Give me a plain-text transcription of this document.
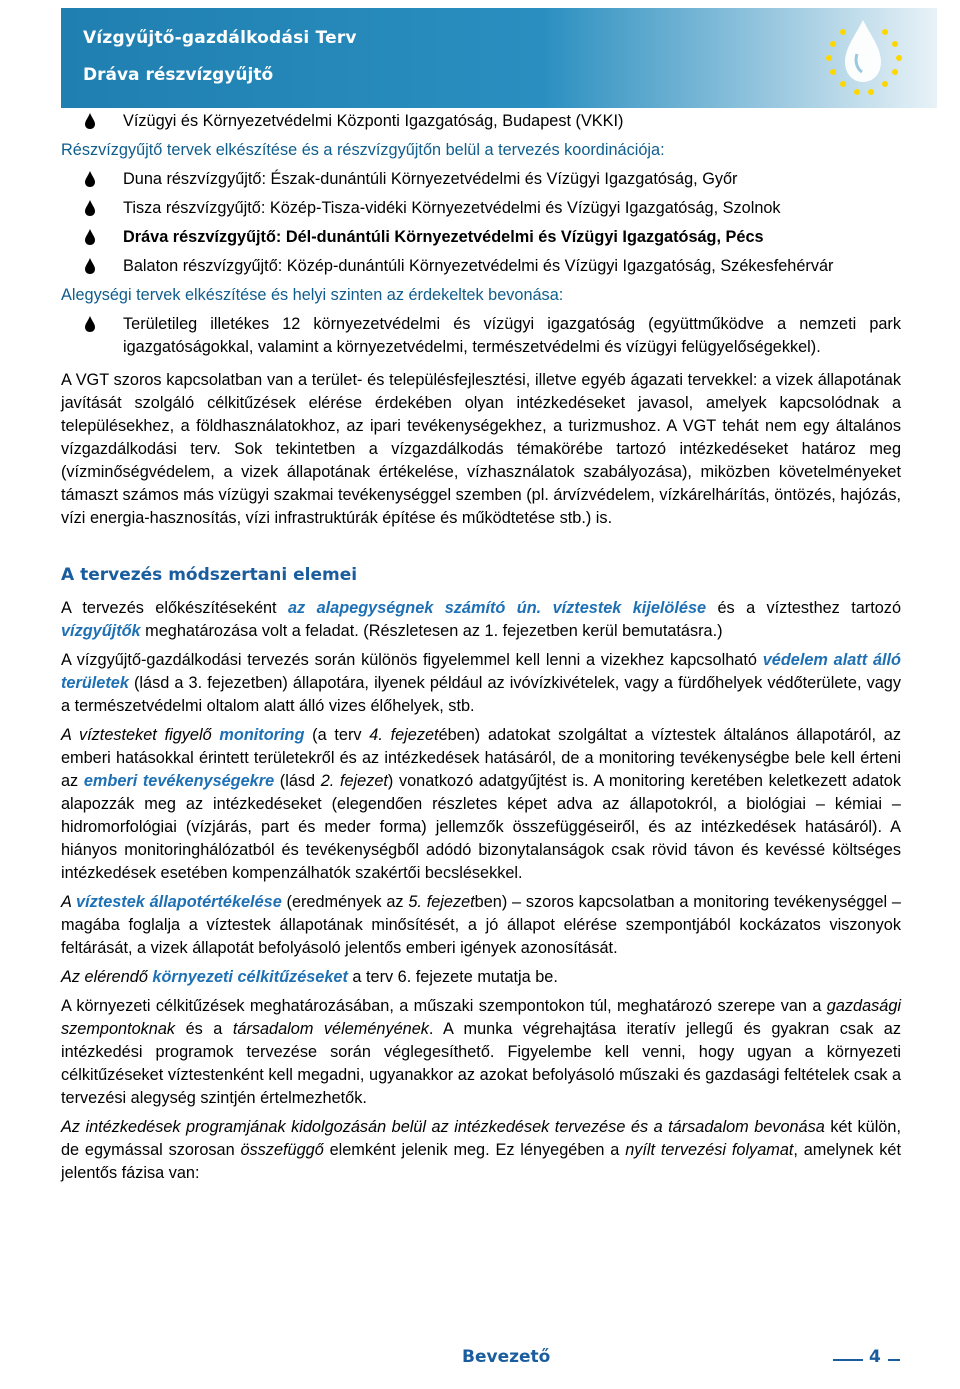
Vízgyűjtő-gazdálkodási Terv
Dráva részvízgyűjtő
Vízügyi és Környezetvédelmi Központi Igazgatóság, Budapest (VKKI)
Részvízgyűjtő tervek elkészítése és a részvízgyűjtőn belül a tervezés koordinációja:
Duna részvízgyűjtő: Észak-dunántúli Környezetvédelmi és Vízügyi Igazgatóság, Győr
Tisza részvízgyűjtő: Közép-Tisza-vidéki Környezetvédelmi és Vízügyi Igazgatóság, Szolnok
Dráva részvízgyűjtő: Dél-dunántúli Környezetvédelmi és Vízügyi Igazgatóság, Pécs
Balaton részvízgyűjtő: Közép-dunántúli Környezetvédelmi és Vízügyi Igazgatóság, Székesfehérvár
Alegységi tervek elkészítése és helyi szinten az érdekeltek bevonása:
Területileg illetékes 12 környezetvédelmi és vízügyi igazgatóság (együttműködve a nemzeti park igazgatóságokkal, valamint a környezetvédelmi, természetvédelmi és vízügyi felügyelőségekkel).
A VGT szoros kapcsolatban van a terület- és településfejlesztési, illetve egyéb ágazati tervekkel: a vizek állapotának javítását szolgáló célkitűzések elérése érdekében olyan intézkedéseket javasol, amelyek kapcsolódnak a településekhez, a földhasználatokhoz, az ipari tevékenységekhez, a turizmushoz. A VGT tehát nem egy általános vízgazdálkodási terv. Sok tekintetben a vízgazdálkodás témakörébe tartozó intézkedéseket határoz meg (vízminőségvédelem, a vizek állapotának értékelése, vízhasználatok szabályozása), miközben követelményeket támaszt számos más vízügyi szakmai tevékenységgel szemben (pl. árvízvédelem, vízkárelhárítás, öntözés, hajózás, vízi energia-hasznosítás, vízi infrastruktúrák építése és működtetése stb.) is.
A tervezés módszertani elemei
A tervezés előkészítéseként az alapegységnek számító ún. víztestek kijelölése és a víztesthez tartozó vízgyűjtők meghatározása volt a feladat. (Részletesen az 1. fejezetben kerül bemutatásra.)
A vízgyűjtő-gazdálkodási tervezés során különös figyelemmel kell lenni a vizekhez kapcsolható védelem alatt álló területek (lásd a 3. fejezetben) állapotára, ilyenek például az ivóvízkivételek, vagy a fürdőhelyek védőterülete, vagy a természetvédelmi oltalom alatt álló vizes élőhelyek, stb.
A víztesteket figyelő monitoring (a terv 4. fejezetében) adatokat szolgáltat a víztestek általános állapotáról, az emberi hatásokkal érintett területekről és az intézkedések hatásáról, de a monitoring tevékenységbe bele kell érteni az emberi tevékenységekre (lásd 2. fejezet) vonatkozó adatgyűjtést is. A monitoring keretében keletkezett adatok alapozzák meg az intézkedéseket (elegendően részletes képet adva az állapotokról, a biológiai – kémiai – hidromorfológiai (vízjárás, part és meder forma) jellemzők összefüggéseiről, és az intézkedések hatásáról). A hiányos monitoringhálózatból és tevékenységből adódó bizonytalanságok csak rövid távon és kevéssé költséges intézkedések esetében kompenzálhatók szakértői becslésekkel.
A víztestek állapotértékelése (eredmények az 5. fejezetben) – szoros kapcsolatban a monitoring tevékenységgel – magába foglalja a víztestek állapotának minősítését, a jó állapot elérése szempontjából kockázatos viszonyok feltárását, a vizek állapotát befolyásoló jelentős emberi igények azonosítását.
Az elérendő környezeti célkitűzéseket a terv 6. fejezete mutatja be.
A környezeti célkitűzések meghatározásában, a műszaki szempontokon túl, meghatározó szerepe van a gazdasági szempontoknak és a társadalom véleményének. A munka végrehajtása iteratív jellegű és gyakran csak az intézkedési programok tervezése során véglegesíthető. Figyelembe kell venni, hogy ugyan a környezeti célkitűzéseket víztestenként kell megadni, ugyanakkor az azokat befolyásoló műszaki és gazdasági feltételek csak a tervezési alegység szintjén értelmezhetők.
Az intézkedések programjának kidolgozásán belül az intézkedések tervezése és a társadalom bevonása két külön, de egymással szorosan összefüggő elemként jelenik meg. Ez lényegében a nyílt tervezési folyamat, amelynek két jelentős fázisa van:
Bevezető	4
